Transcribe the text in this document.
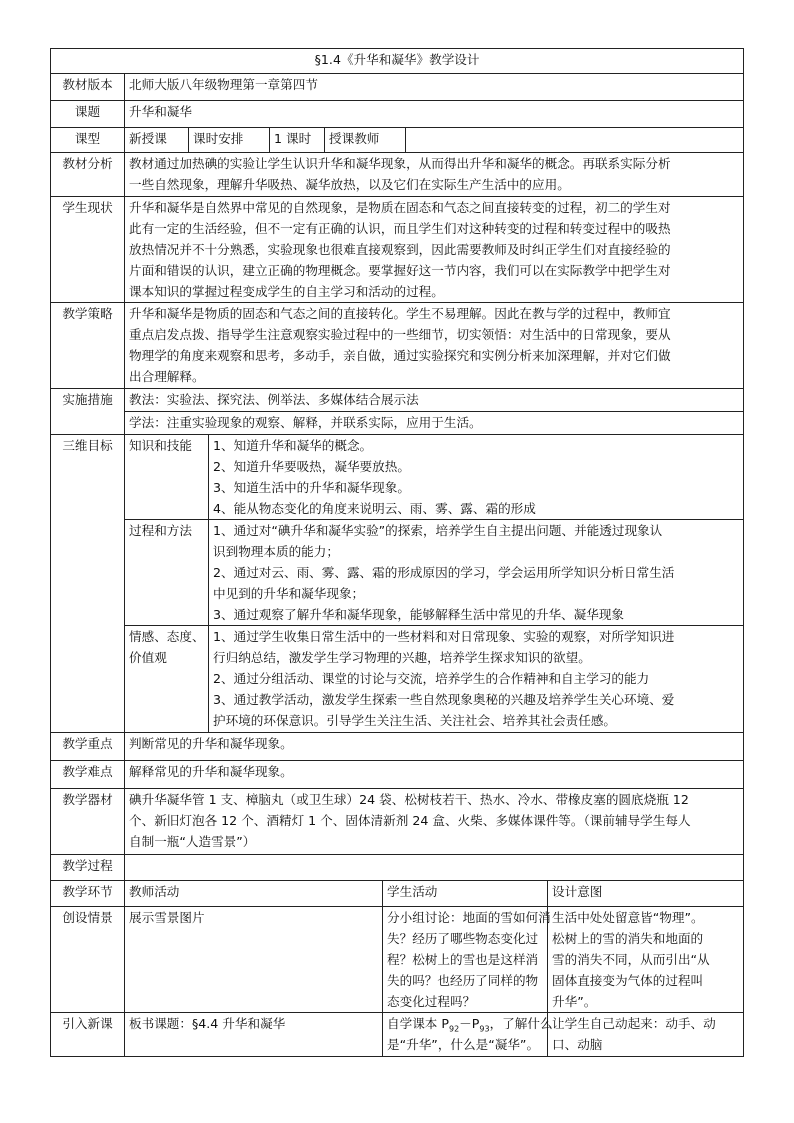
§1.4《升华和凝华》教学设计								
教材版本	北师大版八年级物理第一章第四节							
课题	升华和凝华							
课型	新授课	课时安排		1 课时	授课教师			
教材分析	教材通过加热碘的实验让学生认识升华和凝华现象，从而得出升华和凝华的概念。再联系实际分析
一些自然现象，理解升华吸热、凝华放热，以及它们在实际生产生活中的应用。							

学生现状	升华和凝华是自然界中常见的自然现象，是物质在固态和气态之间直接转变的过程，初二的学生对
此有一定的生活经验，但不一定有正确的认识，而且学生们对这种转变的过程和转变过程中的吸热
放热情况并不十分熟悉，实验现象也很难直接观察到，因此需要教师及时纠正学生们对直接经验的
片面和错误的认识，建立正确的物理概念。要掌握好这一节内容，我们可以在实际教学中把学生对
课本知识的掌握过程变成学生的自主学习和活动的过程。							

教学策略	升华和凝华是物质的固态和气态之间的直接转化。学生不易理解。因此在教与学的过程中，教师宜
重点启发点拨、指导学生注意观察实验过程中的一些细节，切实领悟：对生活中的日常现象，要从
物理学的角度来观察和思考，多动手，亲自做，通过实验探究和实例分析来加深理解，并对它们做
出合理解释。							

实施措施	教法：实验法、探究法、例举法、多媒体结合展示法							
	学法：注重实验现象的观察、解释，并联系实际，应用于生活。							
三维目标	知识和技能		1、知道升华和凝华的概念。
2、知道升华要吸热，凝华要放热。
3、知道生活中的升华和凝华现象。
4、能从物态变化的角度来说明云、雨、雾、露、霜的形成					

	过程和方法		1、通过对“碘升华和凝华实验”的探索，培养学生自主提出问题、并能透过现象认
识到物理本质的能力；
2、通过对云、雨、雾、露、霜的形成原因的学习，学会运用所学知识分析日常生活
中见到的升华和凝华现象；
3、通过观察了解升华和凝华现象，能够解释生活中常见的升华、凝华现象					

	情感、态度、
价值观		1、通过学生收集日常生活中的一些材料和对日常现象、实验的观察，对所学知识进
行归纳总结，激发学生学习物理的兴趣，培养学生探求知识的欲望。
2、通过分组活动、课堂的讨论与交流，培养学生的合作精神和自主学习的能力
3、通过教学活动，激发学生探索一些自然现象奥秘的兴趣及培养学生关心环境、爱
护环境的环保意识。引导学生关注生活、关注社会、培养其社会责任感。					

教学重点	判断常见的升华和凝华现象。							
教学难点	解释常见的升华和凝华现象。							
教学器材	碘升华凝华管 1 支、樟脑丸（或卫生球）24 袋、松树枝若干、热水、冷水、带橡皮塞的圆底烧瓶 12
个、新旧灯泡各 12 个、酒精灯 1 个、固体清新剂 24 盒、火柴、多媒体课件等。（课前辅导学生每人
自制一瓶“人造雪景”）							

教学过程								
教学环节	教师活动					学生活动		设计意图
创设情景	展示雪景图片					分小组讨论：地面的雪如何消
失？经历了哪些物态变化过
程？松树上的雪也是这样消
失的吗？也经历了同样的物
态变化过程吗？		生活中处处留意皆“物理”。
松树上的雪的消失和地面的
雪的消失不同，从而引出“从
固体直接变为气体的过程叫
升华”。

引入新课	板书课题：§4.4 升华和凝华					自学课本 $P_{92}-P_{93}$，了解什么
是“升华”，什么是“凝华”。		让学生自己动起来：动手、动
口、动脑
